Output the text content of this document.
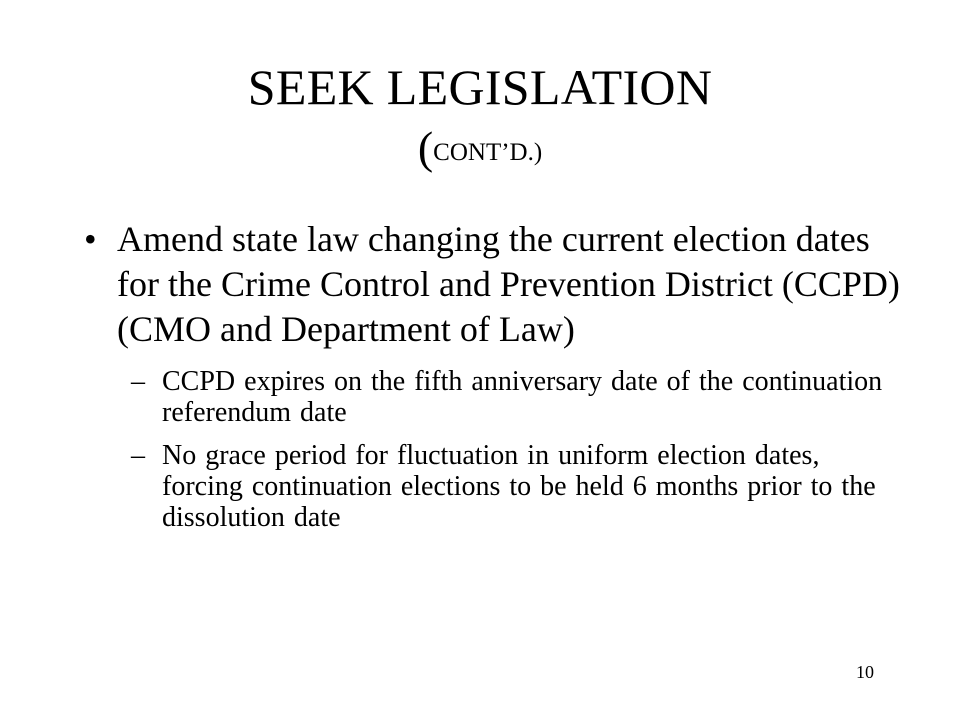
SEEK LEGISLATION
(CONT’D.)
• Amend state law changing the current election dates for the Crime Control and Prevention District (CCPD) (CMO and Department of Law)
– CCPD expires on the fifth anniversary date of the continuation referendum date
– No grace period for fluctuation in uniform election dates, forcing continuation elections to be held 6 months prior to the dissolution date
10
